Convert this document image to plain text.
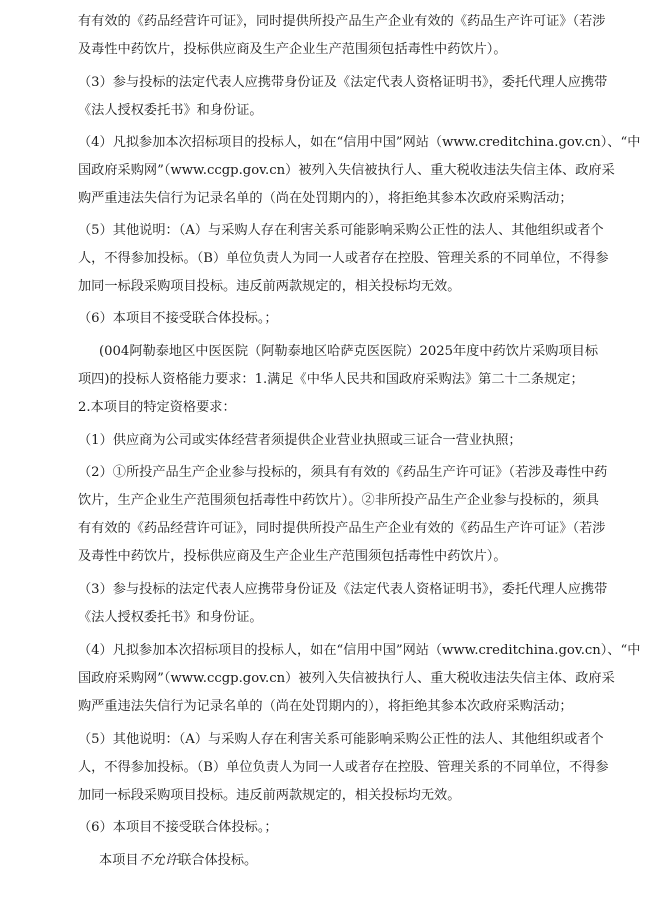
有有效的《药品经营许可证》，同时提供所投产品生产企业有效的《药品生产许可证》（若涉
及毒性中药饮片，投标供应商及生产企业生产范围须包括毒性中药饮片）。
（3）参与投标的法定代表人应携带身份证及《法定代表人资格证明书》，委托代理人应携带
《法人授权委托书》和身份证。
（4）凡拟参加本次招标项目的投标人，如在“信用中国”网站（www.creditchina.gov.cn）、“中
国政府采购网”（www.ccgp.gov.cn）被列入失信被执行人、重大税收违法失信主体、政府采
购严重违法失信行为记录名单的（尚在处罚期内的），将拒绝其参本次政府采购活动；
（5）其他说明：（A）与采购人存在利害关系可能影响采购公正性的法人、其他组织或者个
人，不得参加投标。（B）单位负责人为同一人或者存在控股、管理关系的不同单位，不得参
加同一标段采购项目投标。违反前两款规定的，相关投标均无效。
（6）本项目不接受联合体投标。；
(004阿勒泰地区中医医院（阿勒泰地区哈萨克医医院）2025年度中药饮片采购项目标
项四)的投标人资格能力要求：1.满足《中华人民共和国政府采购法》第二十二条规定；
2.本项目的特定资格要求：
（1）供应商为公司或实体经营者须提供企业营业执照或三证合一营业执照；
（2）①所投产品生产企业参与投标的，须具有有效的《药品生产许可证》（若涉及毒性中药
饮片，生产企业生产范围须包括毒性中药饮片）。②非所投产品生产企业参与投标的，须具
有有效的《药品经营许可证》，同时提供所投产品生产企业有效的《药品生产许可证》（若涉
及毒性中药饮片，投标供应商及生产企业生产范围须包括毒性中药饮片）。
（3）参与投标的法定代表人应携带身份证及《法定代表人资格证明书》，委托代理人应携带
《法人授权委托书》和身份证。
（4）凡拟参加本次招标项目的投标人，如在“信用中国”网站（www.creditchina.gov.cn）、“中
国政府采购网”（www.ccgp.gov.cn）被列入失信被执行人、重大税收违法失信主体、政府采
购严重违法失信行为记录名单的（尚在处罚期内的），将拒绝其参本次政府采购活动；
（5）其他说明：（A）与采购人存在利害关系可能影响采购公正性的法人、其他组织或者个
人，不得参加投标。（B）单位负责人为同一人或者存在控股、管理关系的不同单位，不得参
加同一标段采购项目投标。违反前两款规定的，相关投标均无效。
（6）本项目不接受联合体投标。；
本项目不允许联合体投标。
